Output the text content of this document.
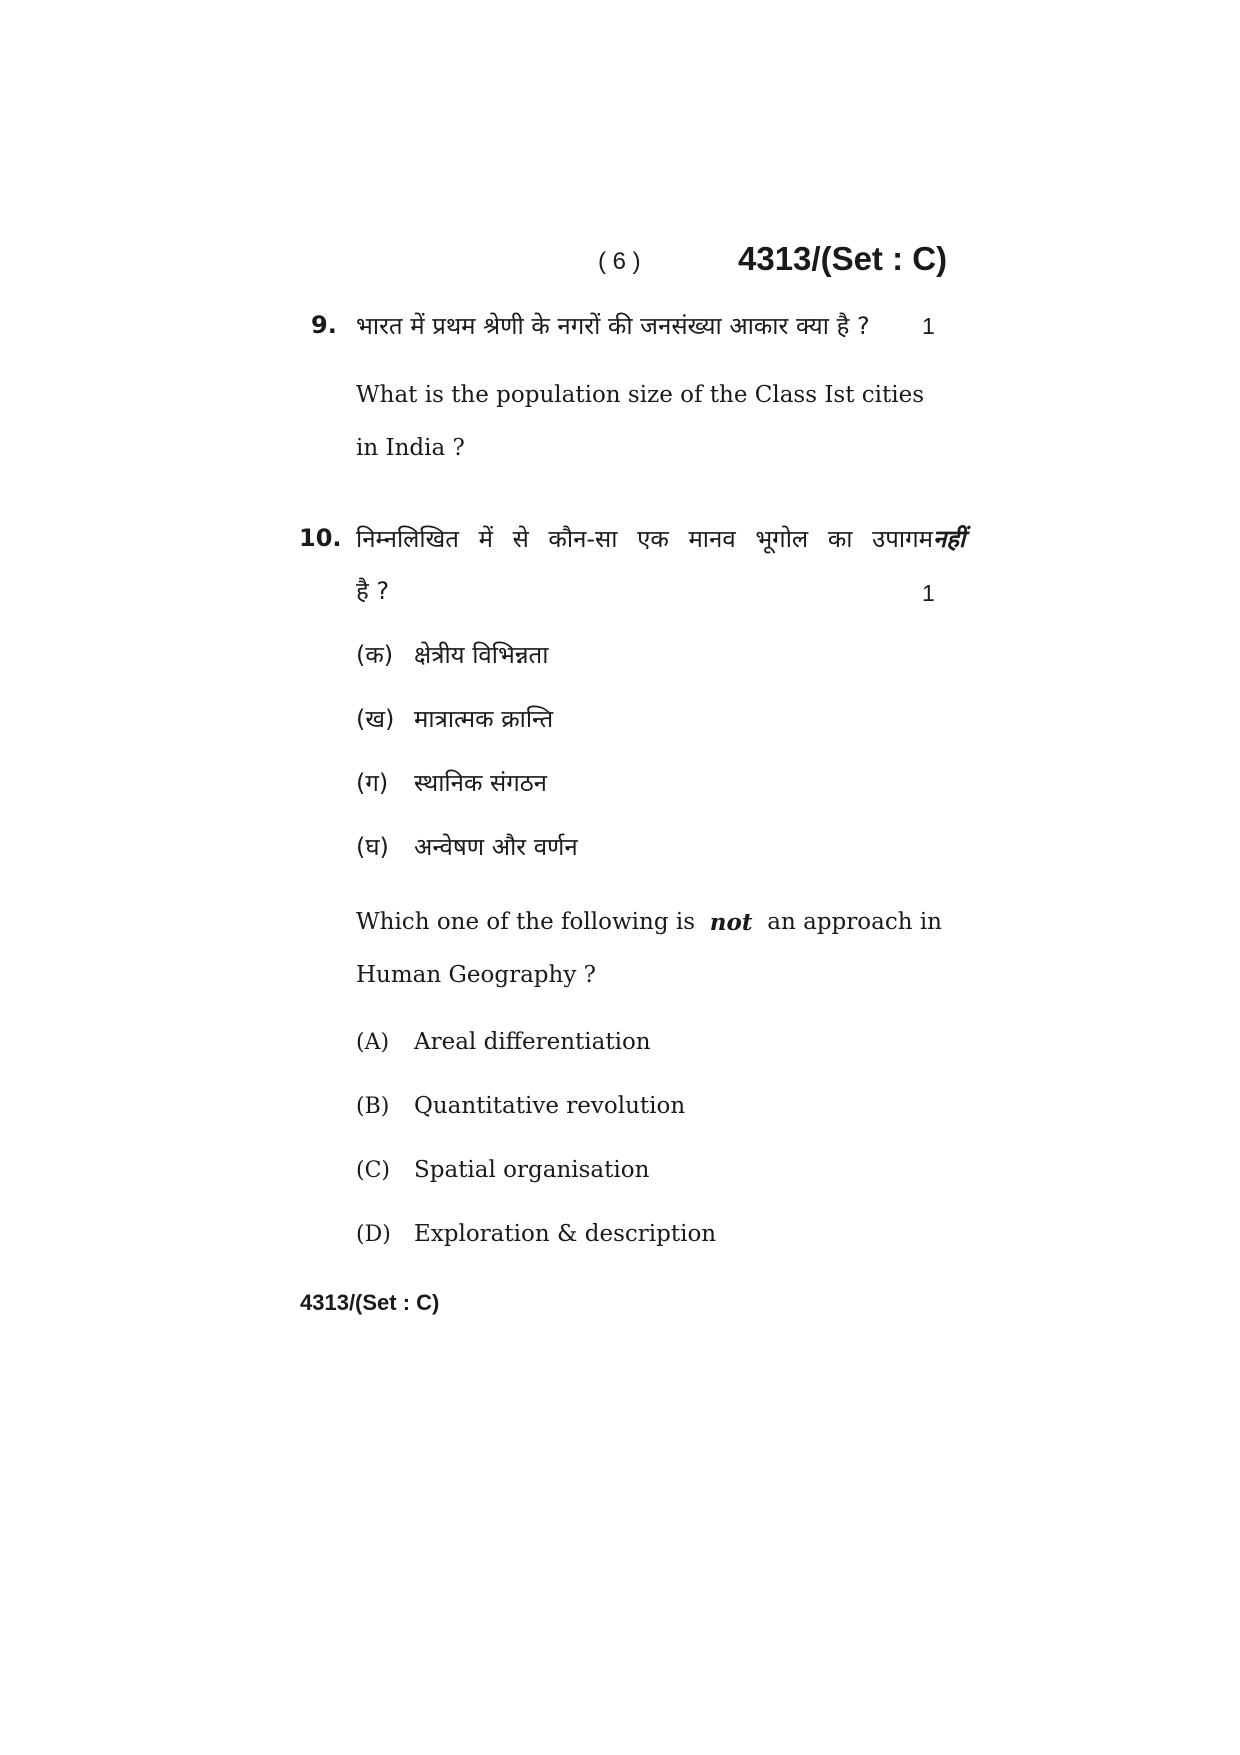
( 6 )	4313/(Set : C)
9. भारत में प्रथम श्रेणी के नगरों की जनसंख्या आकार क्या है ? 1
What is the population size of the Class Ist cities
in India ?
10. निम्नलिखित में से कौन-सा एक मानव भूगोल का उपागम नहीं
है ?	1
(क) क्षेत्रीय विभिन्नता
(ख) मात्रात्मक क्रान्ति
(ग) स्थानिक संगठन
(घ) अन्वेषण और वर्णन
Which one of the following is not an approach in
Human Geography ?
(A) Areal differentiation
(B) Quantitative revolution
(C) Spatial organisation
(D) Exploration & description
4313/(Set : C)
